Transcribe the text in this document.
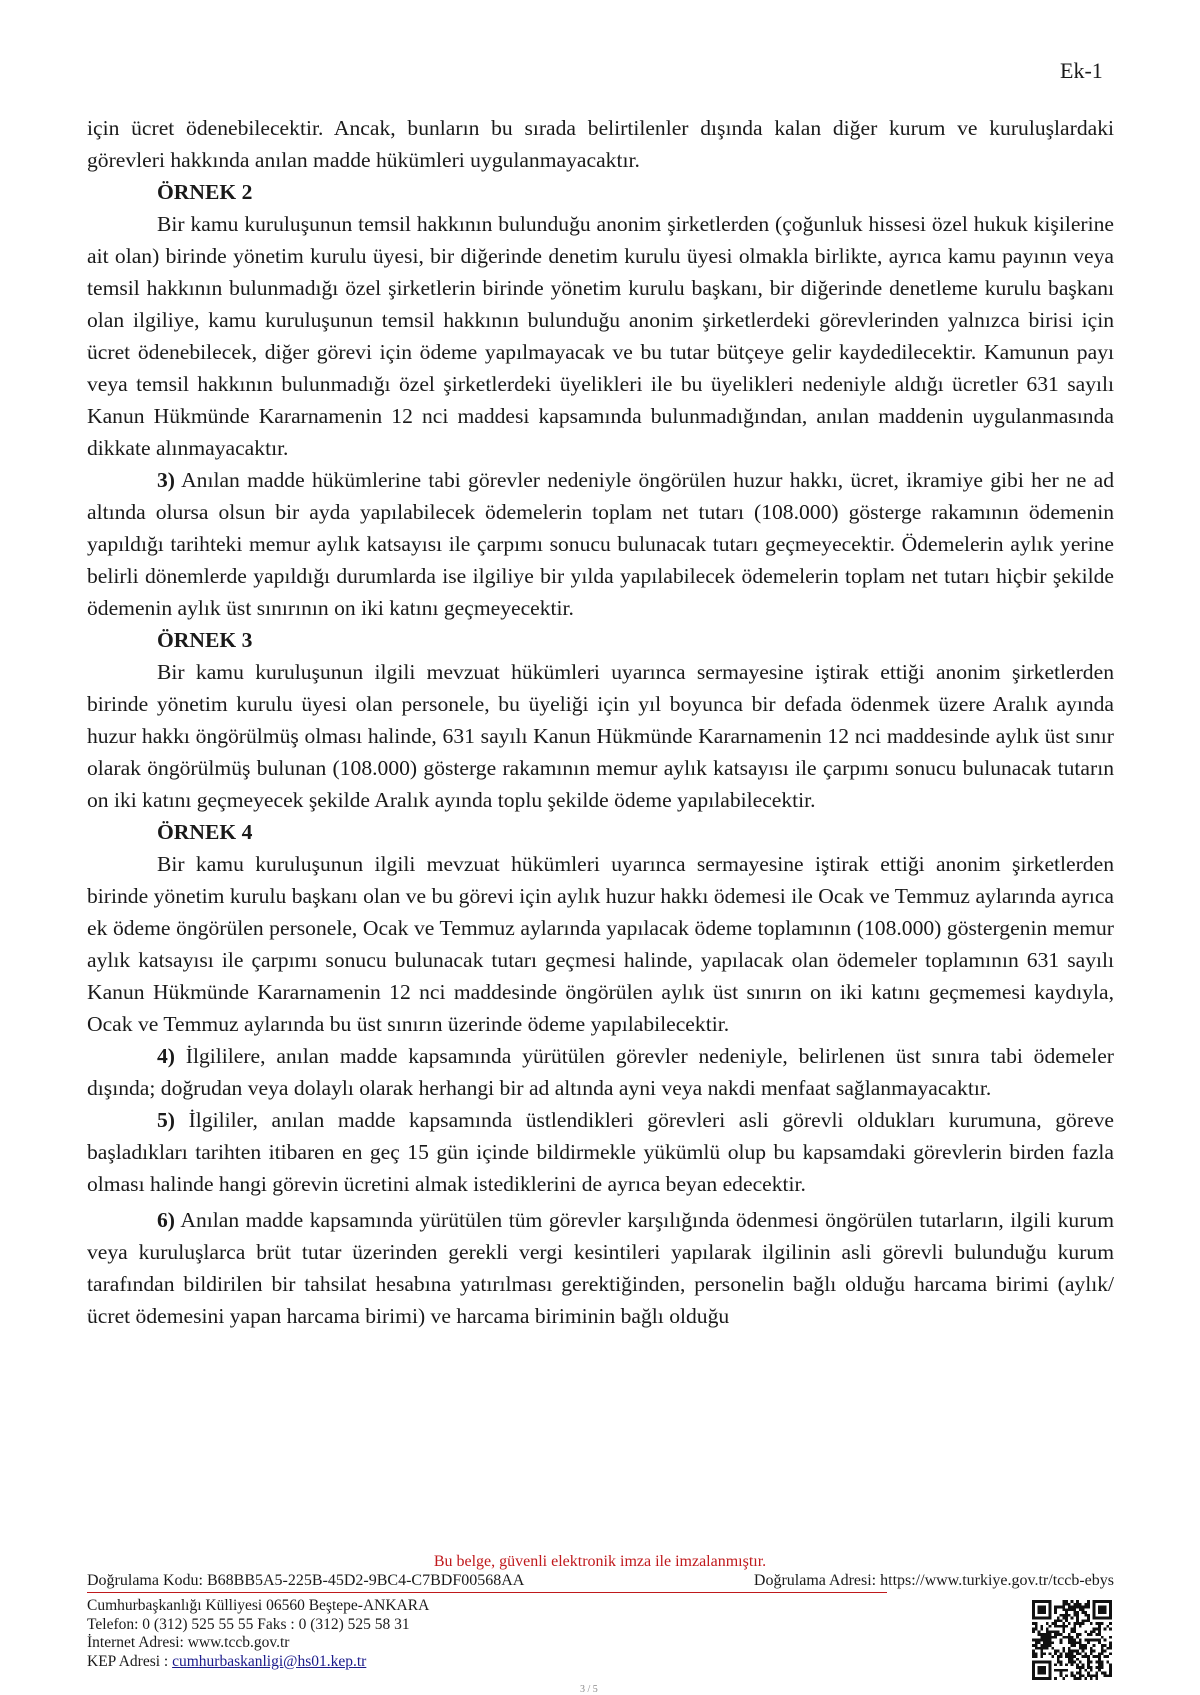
Ek-1

için ücret ödenebilecektir. Ancak, bunların bu sırada belirtilenler dışında kalan diğer kurum ve kuruluşlardaki görevleri hakkında anılan madde hükümleri uygulanmayacaktır.

ÖRNEK 2

Bir kamu kuruluşunun temsil hakkının bulunduğu anonim şirketlerden (çoğunluk hissesi özel hukuk kişilerine ait olan) birinde yönetim kurulu üyesi, bir diğerinde denetim kurulu üyesi olmakla birlikte, ayrıca kamu payının veya temsil hakkının bulunmadığı özel şirketlerin birinde yönetim kurulu başkanı, bir diğerinde denetleme kurulu başkanı olan ilgiliye, kamu kuruluşunun temsil hakkının bulunduğu anonim şirketlerdeki görevlerinden yalnızca birisi için ücret ödenebilecek, diğer görevi için ödeme yapılmayacak ve bu tutar bütçeye gelir kaydedilecektir. Kamunun payı veya temsil hakkının bulunmadığı özel şirketlerdeki üyelikleri ile bu üyelikleri nedeniyle aldığı ücretler 631 sayılı Kanun Hükmünde Kararnamenin 12 nci maddesi kapsamında bulunmadığından, anılan maddenin uygulanmasında dikkate alınmayacaktır.

3) Anılan madde hükümlerine tabi görevler nedeniyle öngörülen huzur hakkı, ücret, ikramiye gibi her ne ad altında olursa olsun bir ayda yapılabilecek ödemelerin toplam net tutarı (108.000) gösterge rakamının ödemenin yapıldığı tarihteki memur aylık katsayısı ile çarpımı sonucu bulunacak tutarı geçmeyecektir. Ödemelerin aylık yerine belirli dönemlerde yapıldığı durumlarda ise ilgiliye bir yılda yapılabilecek ödemelerin toplam net tutarı hiçbir şekilde ödemenin aylık üst sınırının on iki katını geçmeyecektir.

ÖRNEK 3

Bir kamu kuruluşunun ilgili mevzuat hükümleri uyarınca sermayesine iştirak ettiği anonim şirketlerden birinde yönetim kurulu üyesi olan personele, bu üyeliği için yıl boyunca bir defada ödenmek üzere Aralık ayında huzur hakkı öngörülmüş olması halinde, 631 sayılı Kanun Hükmünde Kararnamenin 12 nci maddesinde aylık üst sınır olarak öngörülmüş bulunan (108.000) gösterge rakamının memur aylık katsayısı ile çarpımı sonucu bulunacak tutarın on iki katını geçmeyecek şekilde Aralık ayında toplu şekilde ödeme yapılabilecektir.

ÖRNEK 4

Bir kamu kuruluşunun ilgili mevzuat hükümleri uyarınca sermayesine iştirak ettiği anonim şirketlerden birinde yönetim kurulu başkanı olan ve bu görevi için aylık huzur hakkı ödemesi ile Ocak ve Temmuz aylarında ayrıca ek ödeme öngörülen personele, Ocak ve Temmuz aylarında yapılacak ödeme toplamının (108.000) göstergenin memur aylık katsayısı ile çarpımı sonucu bulunacak tutarı geçmesi halinde, yapılacak olan ödemeler toplamının 631 sayılı Kanun Hükmünde Kararnamenin 12 nci maddesinde öngörülen aylık üst sınırın on iki katını geçmemesi kaydıyla, Ocak ve Temmuz aylarında bu üst sınırın üzerinde ödeme yapılabilecektir.

4) İlgililere, anılan madde kapsamında yürütülen görevler nedeniyle, belirlenen üst sınıra tabi ödemeler dışında; doğrudan veya dolaylı olarak herhangi bir ad altında ayni veya nakdi menfaat sağlanmayacaktır.

5) İlgililer, anılan madde kapsamında üstlendikleri görevleri asli görevli oldukları kurumuna, göreve başladıkları tarihten itibaren en geç 15 gün içinde bildirmekle yükümlü olup bu kapsamdaki görevlerin birden fazla olması halinde hangi görevin ücretini almak istediklerini de ayrıca beyan edecektir.

6) Anılan madde kapsamında yürütülen tüm görevler karşılığında ödenmesi öngörülen tutarların, ilgili kurum veya kuruluşlarca brüt tutar üzerinden gerekli vergi kesintileri yapılarak ilgilinin asli görevli bulunduğu kurum tarafından bildirilen bir tahsilat hesabına yatırılması gerektiğinden, personelin bağlı olduğu harcama birimi (aylık/ücret ödemesini yapan harcama birimi) ve harcama biriminin bağlı olduğu

Bu belge, güvenli elektronik imza ile imzalanmıştır.
Doğrulama Kodu: B68BB5A5-225B-45D2-9BC4-C7BDF00568AA	Doğrulama Adresi: https://www.turkiye.gov.tr/tccb-ebys
Cumhurbaşkanlığı Külliyesi 06560 Beştepe-ANKARA
Telefon: 0 (312) 525 55 55 Faks : 0 (312) 525 58 31
İnternet Adresi: www.tccb.gov.tr
KEP Adresi : cumhurbaskanligi@hs01.kep.tr
3 / 5
